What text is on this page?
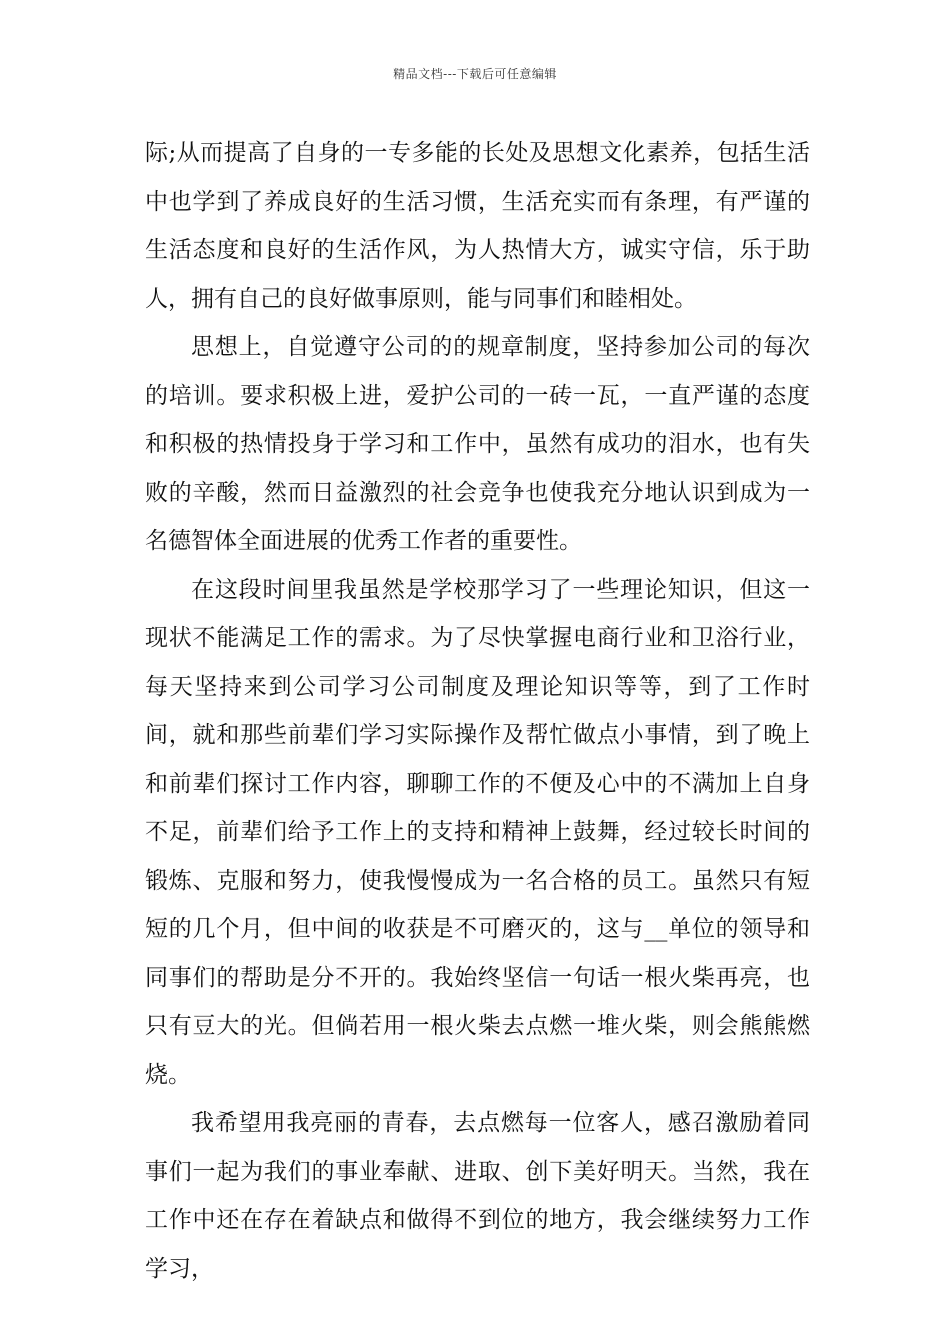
精品文档---下载后可任意编辑

际;从而提高了自身的一专多能的长处及思想文化素养，包括生活中也学到了养成良好的生活习惯，生活充实而有条理，有严谨的生活态度和良好的生活作风，为人热情大方，诚实守信，乐于助人，拥有自己的良好做事原则，能与同事们和睦相处。

思想上，自觉遵守公司的的规章制度，坚持参加公司的每次的培训。要求积极上进，爱护公司的一砖一瓦，一直严谨的态度和积极的热情投身于学习和工作中，虽然有成功的泪水，也有失败的辛酸，然而日益激烈的社会竞争也使我充分地认识到成为一名德智体全面进展的优秀工作者的重要性。

在这段时间里我虽然是学校那学习了一些理论知识，但这一现状不能满足工作的需求。为了尽快掌握电商行业和卫浴行业，每天坚持来到公司学习公司制度及理论知识等等，到了工作时间，就和那些前辈们学习实际操作及帮忙做点小事情，到了晚上和前辈们探讨工作内容，聊聊工作的不便及心中的不满加上自身不足，前辈们给予工作上的支持和精神上鼓舞，经过较长时间的锻炼、克服和努力，使我慢慢成为一名合格的员工。虽然只有短短的几个月，但中间的收获是不可磨灭的，这与__单位的领导和同事们的帮助是分不开的。我始终坚信一句话一根火柴再亮，也只有豆大的光。但倘若用一根火柴去点燃一堆火柴，则会熊熊燃烧。

我希望用我亮丽的青春，去点燃每一位客人，感召激励着同事们一起为我们的事业奉献、进取、创下美好明天。当然，我在工作中还在存在着缺点和做得不到位的地方，我会继续努力工作学习，
